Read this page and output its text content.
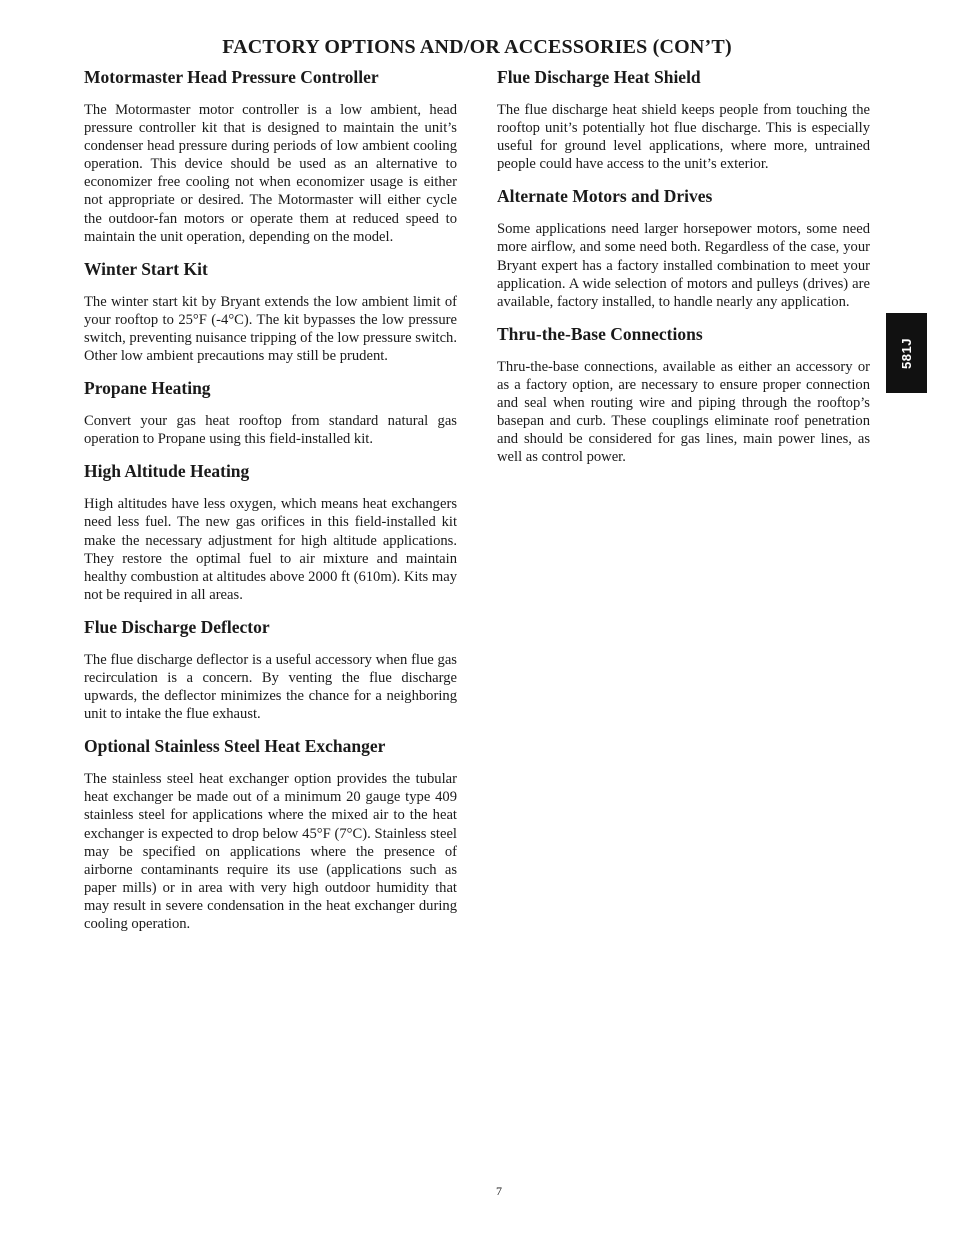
FACTORY OPTIONS AND/OR ACCESSORIES (CON’T)
Motormaster Head Pressure Controller

The Motormaster motor controller is a low ambient, head pressure controller kit that is designed to maintain the unit’s condenser head pressure during periods of low ambient cooling operation. This device should be used as an alternative to economizer free cooling not when economizer usage is either not appropriate or desired. The Motormaster will either cycle the outdoor-fan motors or operate them at reduced speed to maintain the unit operation, depending on the model.

Winter Start Kit

The winter start kit by Bryant extends the low ambient limit of your rooftop to 25°F (-4°C). The kit bypasses the low pressure switch, preventing nuisance tripping of the low pressure switch. Other low ambient precautions may still be prudent.

Propane Heating

Convert your gas heat rooftop from standard natural gas operation to Propane using this field-installed kit.

High Altitude Heating

High altitudes have less oxygen, which means heat exchangers need less fuel. The new gas orifices in this field-installed kit make the necessary adjustment for high altitude applications. They restore the optimal fuel to air mixture and maintain healthy combustion at altitudes above 2000 ft (610m). Kits may not be required in all areas.

Flue Discharge Deflector

The flue discharge deflector is a useful accessory when flue gas recirculation is a concern. By venting the flue discharge upwards, the deflector minimizes the chance for a neighboring unit to intake the flue exhaust.

Optional Stainless Steel Heat Exchanger

The stainless steel heat exchanger option provides the tubular heat exchanger be made out of a minimum 20 gauge type 409 stainless steel for applications where the mixed air to the heat exchanger is expected to drop below 45°F (7°C). Stainless steel may be specified on applications where the presence of airborne contaminants require its use (applications such as paper mills) or in area with very high outdoor humidity that may result in severe condensation in the heat exchanger during cooling operation.

Flue Discharge Heat Shield

The flue discharge heat shield keeps people from touching the rooftop unit’s potentially hot flue discharge. This is especially useful for ground level applications, where more, untrained people could have access to the unit’s exterior.

Alternate Motors and Drives

Some applications need larger horsepower motors, some need more airflow, and some need both. Regardless of the case, your Bryant expert has a factory installed combination to meet your application. A wide selection of motors and pulleys (drives) are available, factory installed, to handle nearly any application.

Thru-the-Base Connections

Thru-the-base connections, available as either an accessory or as a factory option, are necessary to ensure proper connection and seal when routing wire and piping through the rooftop’s basepan and curb. These couplings eliminate roof penetration and should be considered for gas lines, main power lines, as well as control power.

581J
7
